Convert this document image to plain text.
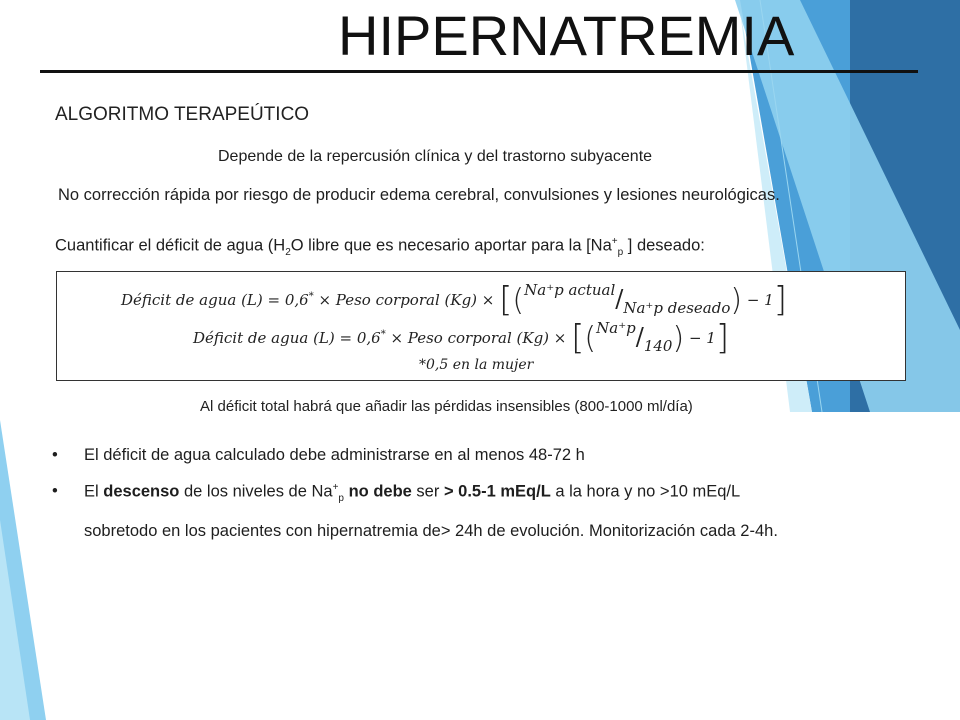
HIPERNATREMIA
ALGORITMO TERAPEÚTICO
Depende de la repercusión clínica y del trastorno subyacente
No corrección rápida por riesgo de producir edema cerebral, convulsiones y lesiones neurológicas.
Cuantificar el déficit de agua ($H_2O$ libre que es necesario aportar para la [$Na^+_p$ ] deseado:
Déficit de agua (L) = 0,6* × Peso corporal (Kg) × [(Na⁺p actual/Na⁺p deseado) − 1]
Déficit de agua (L) = 0,6* × Peso corporal (Kg) × [(Na⁺p/140) − 1]
*0,5 en la mujer
Al déficit total habrá que añadir las pérdidas insensibles (800-1000 ml/día)
• El déficit de agua calculado debe administrarse en al menos 48-72 h
• El descenso de los niveles de $Na^+_p$ no debe ser > 0.5-1 mEq/L a la hora y no >10 mEq/L
sobretodo en los pacientes con hipernatremia de> 24h de evolución. Monitorización cada 2-4h.
